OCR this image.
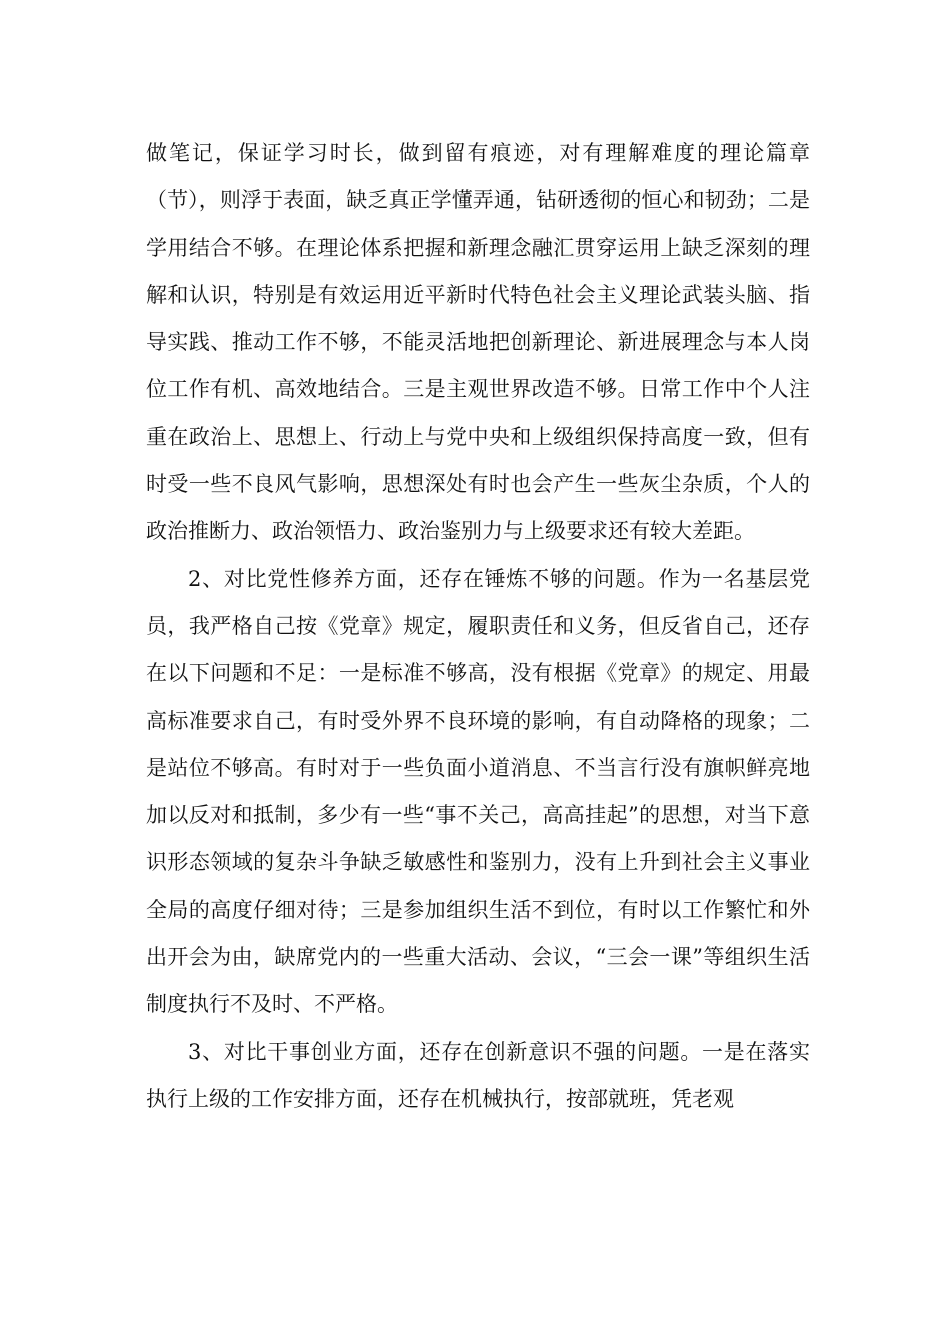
做笔记，保证学习时长，做到留有痕迹，对有理解难度的理论篇章（节），则浮于表面，缺乏真正学懂弄通，钻研透彻的恒心和韧劲；二是学用结合不够。在理论体系把握和新理念融汇贯穿运用上缺乏深刻的理解和认识，特别是有效运用近平新时代特色社会主义理论武装头脑、指导实践、推动工作不够，不能灵活地把创新理论、新进展理念与本人岗位工作有机、高效地结合。三是主观世界改造不够。日常工作中个人注重在政治上、思想上、行动上与党中央和上级组织保持高度一致，但有时受一些不良风气影响，思想深处有时也会产生一些灰尘杂质，个人的政治推断力、政治领悟力、政治鉴别力与上级要求还有较大差距。

2、对比党性修养方面，还存在锤炼不够的问题。作为一名基层党员，我严格自己按《党章》规定，履职责任和义务，但反省自己，还存在以下问题和不足：一是标准不够高，没有根据《党章》的规定、用最高标准要求自己，有时受外界不良环境的影响，有自动降格的现象；二是站位不够高。有时对于一些负面小道消息、不当言行没有旗帜鲜亮地加以反对和抵制，多少有一些“事不关己，高高挂起”的思想，对当下意识形态领域的复杂斗争缺乏敏感性和鉴别力，没有上升到社会主义事业全局的高度仔细对待；三是参加组织生活不到位，有时以工作繁忙和外出开会为由，缺席党内的一些重大活动、会议，“三会一课”等组织生活制度执行不及时、不严格。

3、对比干事创业方面，还存在创新意识不强的问题。一是在落实执行上级的工作安排方面，还存在机械执行，按部就班，凭老观
